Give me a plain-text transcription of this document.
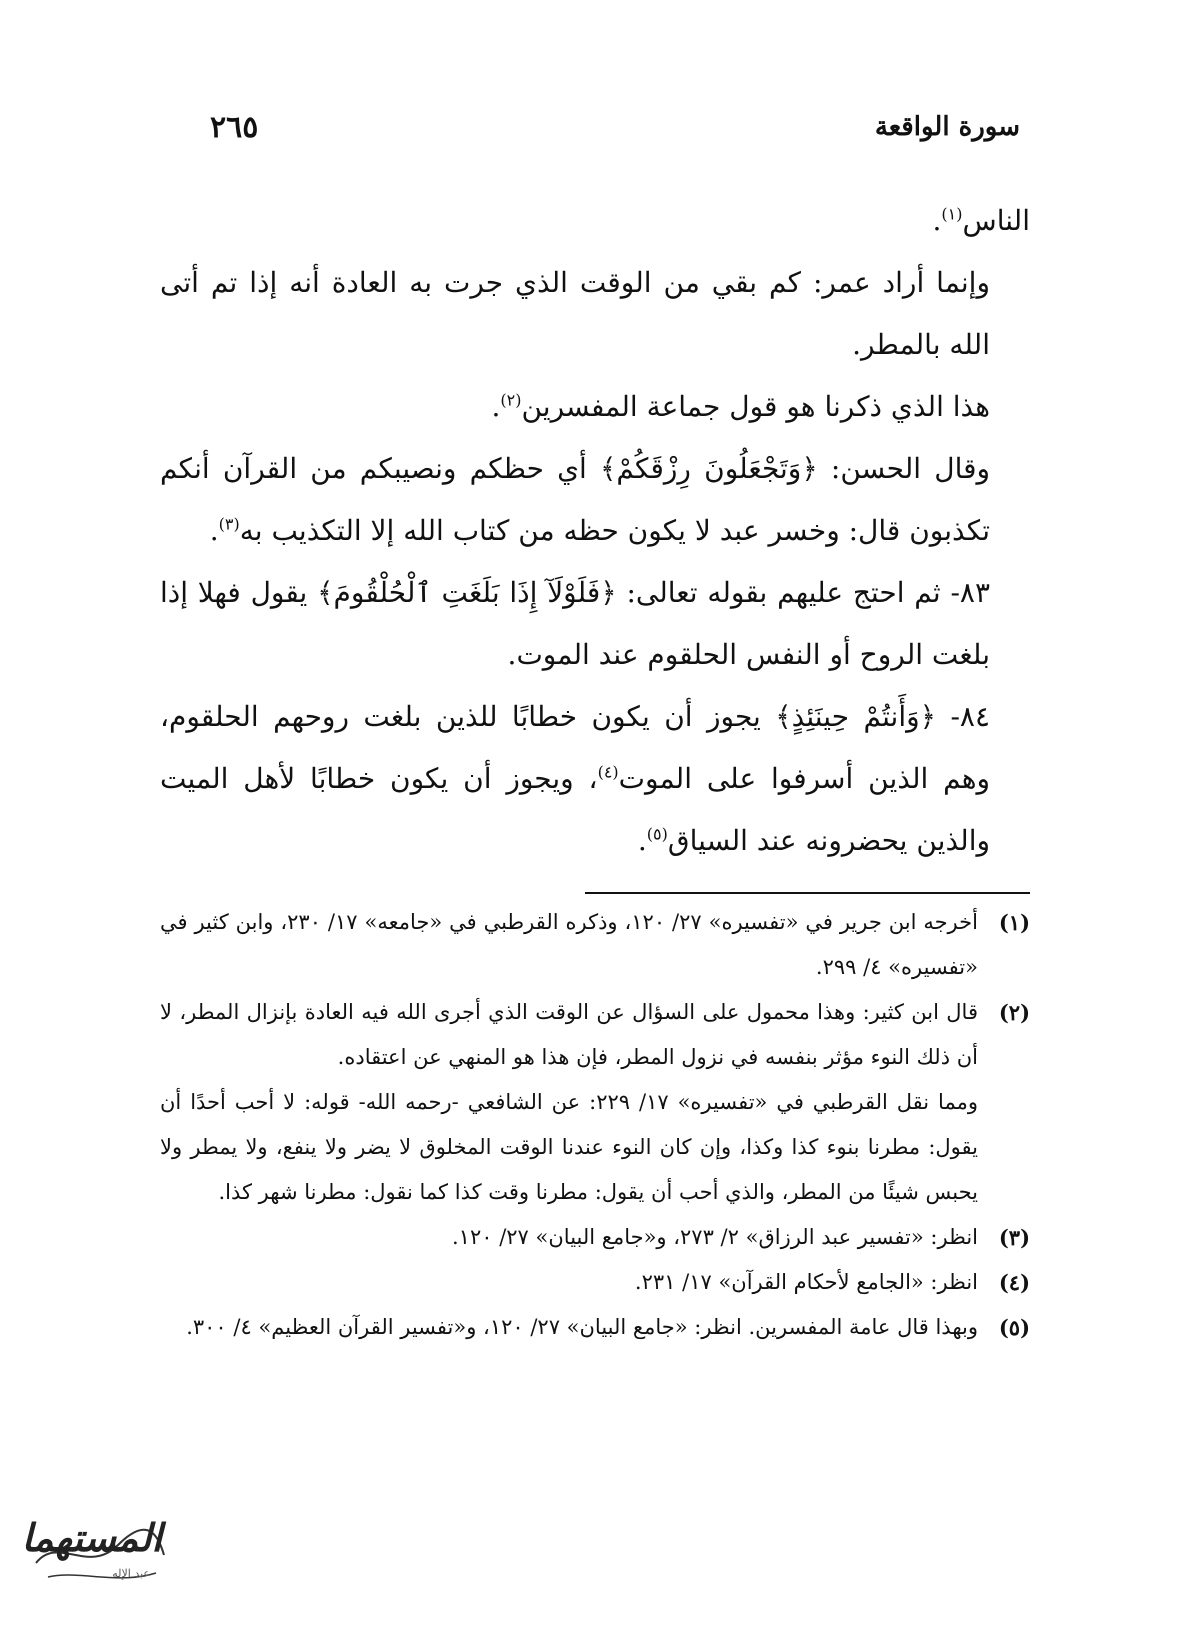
٢٦٥	سورة الواقعة

الناس$^{(١)}$.

وإنما أراد عمر: كم بقي من الوقت الذي جرت به العادة أنه إذا تم أتى الله بالمطر.

هذا الذي ذكرنا هو قول جماعة المفسرين$^{(٢)}$.

وقال الحسن: ﴿وَتَجْعَلُونَ رِزْقَكُمْ﴾ أي حظكم ونصيبكم من القرآن أنكم تكذبون قال: وخسر عبد لا يكون حظه من كتاب الله إلا التكذيب به$^{(٣)}$.

٨٣- ثم احتج عليهم بقوله تعالى: ﴿فَلَوْلَآ إِذَا بَلَغَتِ ٱلْحُلْقُومَ﴾ يقول فهلا إذا بلغت الروح أو النفس الحلقوم عند الموت.

٨٤- ﴿وَأَنتُمْ حِينَئِذٍ﴾ يجوز أن يكون خطابًا للذين بلغت روحهم الحلقوم، وهم الذين أسرفوا على الموت$^{(٤)}$، ويجوز أن يكون خطابًا لأهل الميت والذين يحضرونه عند السياق$^{(٥)}$.

(١)
أخرجه ابن جرير في «تفسيره» ٢٧/ ١٢٠، وذكره القرطبي في «جامعه» ١٧/ ٢٣٠، وابن كثير في «تفسيره» ٤/ ٢٩٩.
(٢)
قال ابن كثير: وهذا محمول على السؤال عن الوقت الذي أجرى الله فيه العادة بإنزال المطر، لا أن ذلك النوء مؤثر بنفسه في نزول المطر، فإن هذا هو المنهي عن اعتقاده.
ومما نقل القرطبي في «تفسيره» ١٧/ ٢٢٩: عن الشافعي -رحمه الله- قوله: لا أحب أحدًا أن يقول: مطرنا بنوء كذا وكذا، وإن كان النوء عندنا الوقت المخلوق لا يضر ولا ينفع، ولا يمطر ولا يحبس شيئًا من المطر، والذي أحب أن يقول: مطرنا وقت كذا كما نقول: مطرنا شهر كذا.
(٣)
انظر: «تفسير عبد الرزاق» ٢/ ٢٧٣، و«جامع البيان» ٢٧/ ١٢٠.
(٤)
انظر: «الجامع لأحكام القرآن» ١٧/ ٢٣١.
(٥)
وبهذا قال عامة المفسرين. انظر: «جامع البيان» ٢٧/ ١٢٠، و«تفسير القرآن العظيم» ٤/ ٣٠٠.
المستهما
عبد الإله
